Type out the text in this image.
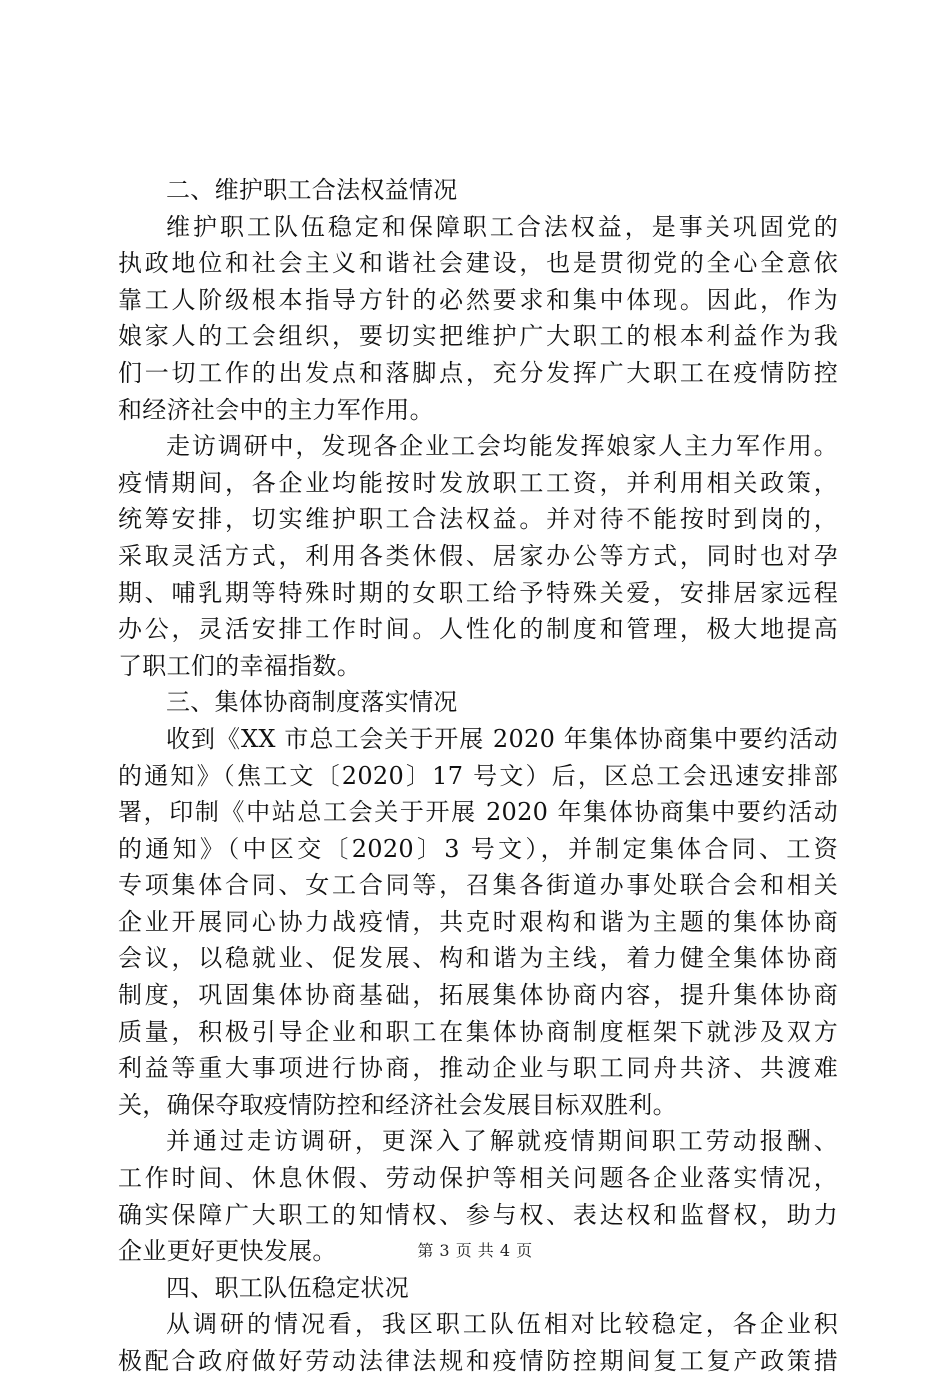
二、维护职工合法权益情况
维护职工队伍稳定和保障职工合法权益，是事关巩固党的
执政地位和社会主义和谐社会建设，也是贯彻党的全心全意依
靠工人阶级根本指导方针的必然要求和集中体现。因此，作为
娘家人的工会组织，要切实把维护广大职工的根本利益作为我
们一切工作的出发点和落脚点，充分发挥广大职工在疫情防控
和经济社会中的主力军作用。
走访调研中，发现各企业工会均能发挥娘家人主力军作用。
疫情期间，各企业均能按时发放职工工资，并利用相关政策，
统筹安排，切实维护职工合法权益。并对待不能按时到岗的，
采取灵活方式，利用各类休假、居家办公等方式，同时也对孕
期、哺乳期等特殊时期的女职工给予特殊关爱，安排居家远程
办公，灵活安排工作时间。人性化的制度和管理，极大地提高
了职工们的幸福指数。
三、集体协商制度落实情况
收到《XX 市总工会关于开展 2020 年集体协商集中要约活动
的通知》（焦工文〔2020〕17 号文）后，区总工会迅速安排部
署，印制《中站总工会关于开展 2020 年集体协商集中要约活动
的通知》（中区交〔2020〕3 号文），并制定集体合同、工资
专项集体合同、女工合同等，召集各街道办事处联合会和相关
企业开展同心协力战疫情，共克时艰构和谐为主题的集体协商
会议，以稳就业、促发展、构和谐为主线，着力健全集体协商
制度，巩固集体协商基础，拓展集体协商内容，提升集体协商
质量，积极引导企业和职工在集体协商制度框架下就涉及双方
利益等重大事项进行协商，推动企业与职工同舟共济、共渡难
关，确保夺取疫情防控和经济社会发展目标双胜利。
并通过走访调研，更深入了解就疫情期间职工劳动报酬、
工作时间、休息休假、劳动保护等相关问题各企业落实情况，
确实保障广大职工的知情权、参与权、表达权和监督权，助力
企业更好更快发展。
四、职工队伍稳定状况
从调研的情况看，我区职工队伍相对比较稳定，各企业积
极配合政府做好劳动法律法规和疫情防控期间复工复产政策措
第 3 页 共 4 页
